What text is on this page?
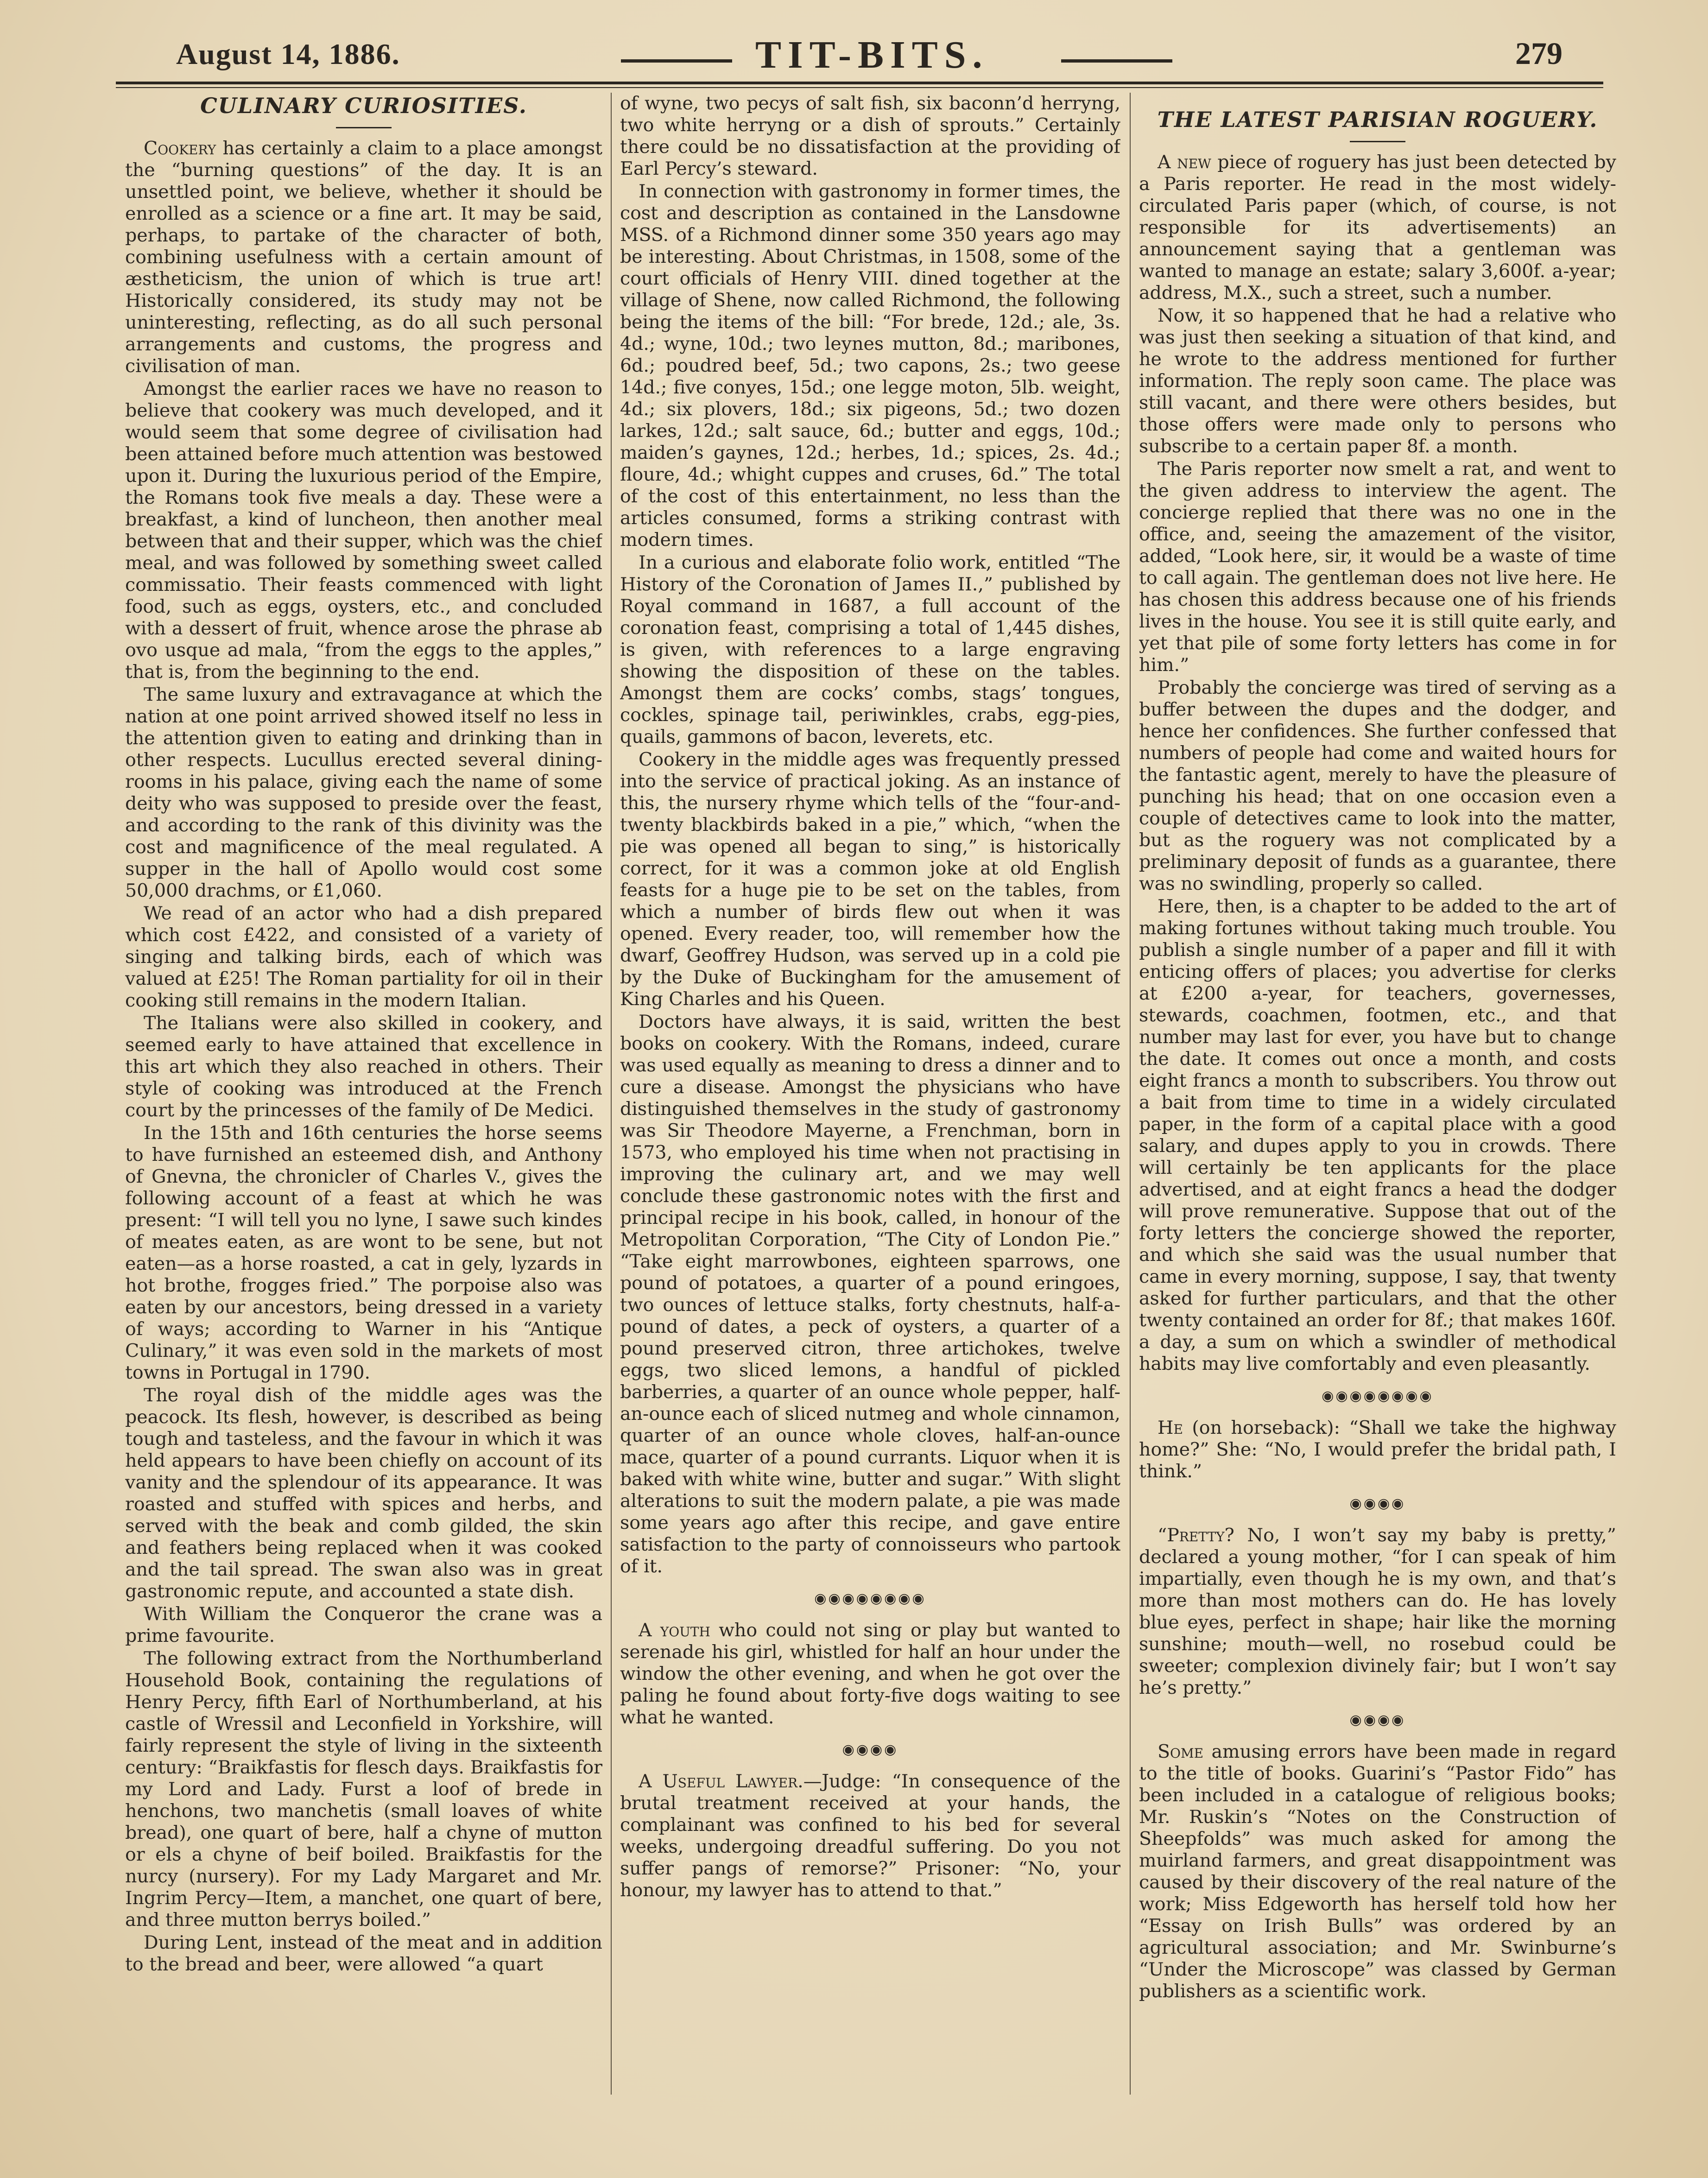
August 14, 1886.	TIT-BITS.	279
CULINARY CURIOSITIES.

Cookery has certainly a claim to a place amongst the “burning questions” of the day. It is an unsettled point, we believe, whether it should be enrolled as a science or a fine art. It may be said, perhaps, to partake of the character of both, combining usefulness with a certain amount of æstheticism, the union of which is true art! Historically considered, its study may not be uninteresting, reflecting, as do all such personal arrangements and customs, the progress and civilisation of man.

Amongst the earlier races we have no reason to believe that cookery was much developed, and it would seem that some degree of civilisation had been attained before much attention was bestowed upon it. During the luxurious period of the Empire, the Romans took five meals a day. These were a breakfast, a kind of luncheon, then another meal between that and their supper, which was the chief meal, and was followed by something sweet called commissatio. Their feasts commenced with light food, such as eggs, oysters, etc., and concluded with a dessert of fruit, whence arose the phrase ab ovo usque ad mala, “from the eggs to the apples,” that is, from the beginning to the end.

The same luxury and extravagance at which the nation at one point arrived showed itself no less in the attention given to eating and drinking than in other respects. Lucullus erected several dining-rooms in his palace, giving each the name of some deity who was supposed to preside over the feast, and according to the rank of this divinity was the cost and magnificence of the meal regulated. A supper in the hall of Apollo would cost some 50,000 drachms, or £1,060.

We read of an actor who had a dish prepared which cost £422, and consisted of a variety of singing and talking birds, each of which was valued at £25! The Roman partiality for oil in their cooking still remains in the modern Italian.

The Italians were also skilled in cookery, and seemed early to have attained that excellence in this art which they also reached in others. Their style of cooking was introduced at the French court by the princesses of the family of De Medici.

In the 15th and 16th centuries the horse seems to have furnished an esteemed dish, and Anthony of Gnevna, the chronicler of Charles V., gives the following account of a feast at which he was present: “I will tell you no lyne, I sawe such kindes of meates eaten, as are wont to be sene, but not eaten—as a horse roasted, a cat in gely, lyzards in hot brothe, frogges fried.” The porpoise also was eaten by our ancestors, being dressed in a variety of ways; according to Warner in his “Antique Culinary,” it was even sold in the markets of most towns in Portugal in 1790.

The royal dish of the middle ages was the peacock. Its flesh, however, is described as being tough and tasteless, and the favour in which it was held appears to have been chiefly on account of its vanity and the splendour of its appearance. It was roasted and stuffed with spices and herbs, and served with the beak and comb gilded, the skin and feathers being replaced when it was cooked and the tail spread. The swan also was in great gastronomic repute, and accounted a state dish.

With William the Conqueror the crane was a prime favourite.

The following extract from the Northumberland Household Book, containing the regulations of Henry Percy, fifth Earl of Northumberland, at his castle of Wressil and Leconfield in Yorkshire, will fairly represent the style of living in the sixteenth century: “Braikfastis for flesch days. Braikfastis for my Lord and Lady. Furst a loof of brede in henchons, two manchetis (small loaves of white bread), one quart of bere, half a chyne of mutton or els a chyne of beif boiled. Braikfastis for the nurcy (nursery). For my Lady Margaret and Mr. Ingrim Percy—Item, a manchet, one quart of bere, and three mutton berrys boiled.”

During Lent, instead of the meat and in addition to the bread and beer, were allowed “a quart

of wyne, two pecys of salt fish, six baconn’d herryng, two white herryng or a dish of sprouts.” Certainly there could be no dissatisfaction at the providing of Earl Percy’s steward.

In connection with gastronomy in former times, the cost and description as contained in the Lansdowne MSS. of a Richmond dinner some 350 years ago may be interesting. About Christmas, in 1508, some of the court officials of Henry VIII. dined together at the village of Shene, now called Richmond, the following being the items of the bill: “For brede, 12d.; ale, 3s. 4d.; wyne, 10d.; two leynes mutton, 8d.; maribones, 6d.; poudred beef, 5d.; two capons, 2s.; two geese 14d.; five conyes, 15d.; one legge moton, 5lb. weight, 4d.; six plovers, 18d.; six pigeons, 5d.; two dozen larkes, 12d.; salt sauce, 6d.; butter and eggs, 10d.; maiden’s gaynes, 12d.; herbes, 1d.; spices, 2s. 4d.; floure, 4d.; whight cuppes and cruses, 6d.” The total of the cost of this entertainment, no less than the articles consumed, forms a striking contrast with modern times.

In a curious and elaborate folio work, entitled “The History of the Coronation of James II.,” published by Royal command in 1687, a full account of the coronation feast, comprising a total of 1,445 dishes, is given, with references to a large engraving showing the disposition of these on the tables. Amongst them are cocks’ combs, stags’ tongues, cockles, spinage tail, periwinkles, crabs, egg-pies, quails, gammons of bacon, leverets, etc.

Cookery in the middle ages was frequently pressed into the service of practical joking. As an instance of this, the nursery rhyme which tells of the “four-and-twenty blackbirds baked in a pie,” which, “when the pie was opened all began to sing,” is historically correct, for it was a common joke at old English feasts for a huge pie to be set on the tables, from which a number of birds flew out when it was opened. Every reader, too, will remember how the dwarf, Geoffrey Hudson, was served up in a cold pie by the Duke of Buckingham for the amusement of King Charles and his Queen.

Doctors have always, it is said, written the best books on cookery. With the Romans, indeed, curare was used equally as meaning to dress a dinner and to cure a disease. Amongst the physicians who have distinguished themselves in the study of gastronomy was Sir Theodore Mayerne, a Frenchman, born in 1573, who employed his time when not practising in improving the culinary art, and we may well conclude these gastronomic notes with the first and principal recipe in his book, called, in honour of the Metropolitan Corporation, “The City of London Pie.” “Take eight marrowbones, eighteen sparrows, one pound of potatoes, a quarter of a pound eringoes, two ounces of lettuce stalks, forty chestnuts, half-a-pound of dates, a peck of oysters, a quarter of a pound preserved citron, three artichokes, twelve eggs, two sliced lemons, a handful of pickled barberries, a quarter of an ounce whole pepper, half-an-ounce each of sliced nutmeg and whole cinnamon, quarter of an ounce whole cloves, half-an-ounce mace, quarter of a pound currants. Liquor when it is baked with white wine, butter and sugar.” With slight alterations to suit the modern palate, a pie was made some years ago after this recipe, and gave entire satisfaction to the party of connoisseurs who partook of it.

◉◉◉◉◉◉◉◉

A youth who could not sing or play but wanted to serenade his girl, whistled for half an hour under the window the other evening, and when he got over the paling he found about forty-five dogs waiting to see what he wanted.

◉◉◉◉

A Useful Lawyer.—Judge: “In consequence of the brutal treatment received at your hands, the complainant was confined to his bed for several weeks, undergoing dreadful suffering. Do you not suffer pangs of remorse?” Prisoner: “No, your honour, my lawyer has to attend to that.”

THE LATEST PARISIAN ROGUERY.

A new piece of roguery has just been detected by a Paris reporter. He read in the most widely-circulated Paris paper (which, of course, is not responsible for its advertisements) an announcement saying that a gentleman was wanted to manage an estate; salary 3,600f. a-year; address, M.X., such a street, such a number.

Now, it so happened that he had a relative who was just then seeking a situation of that kind, and he wrote to the address mentioned for further information. The reply soon came. The place was still vacant, and there were others besides, but those offers were made only to persons who subscribe to a certain paper 8f. a month.

The Paris reporter now smelt a rat, and went to the given address to interview the agent. The concierge replied that there was no one in the office, and, seeing the amazement of the visitor, added, “Look here, sir, it would be a waste of time to call again. The gentleman does not live here. He has chosen this address because one of his friends lives in the house. You see it is still quite early, and yet that pile of some forty letters has come in for him.”

Probably the concierge was tired of serving as a buffer between the dupes and the dodger, and hence her confidences. She further confessed that numbers of people had come and waited hours for the fantastic agent, merely to have the pleasure of punching his head; that on one occasion even a couple of detectives came to look into the matter, but as the roguery was not complicated by a preliminary deposit of funds as a guarantee, there was no swindling, properly so called.

Here, then, is a chapter to be added to the art of making fortunes without taking much trouble. You publish a single number of a paper and fill it with enticing offers of places; you advertise for clerks at £200 a-year, for teachers, governesses, stewards, coachmen, footmen, etc., and that number may last for ever, you have but to change the date. It comes out once a month, and costs eight francs a month to subscribers. You throw out a bait from time to time in a widely circulated paper, in the form of a capital place with a good salary, and dupes apply to you in crowds. There will certainly be ten applicants for the place advertised, and at eight francs a head the dodger will prove remunerative. Suppose that out of the forty letters the concierge showed the reporter, and which she said was the usual number that came in every morning, suppose, I say, that twenty asked for further particulars, and that the other twenty contained an order for 8f.; that makes 160f. a day, a sum on which a swindler of methodical habits may live comfortably and even pleasantly.

◉◉◉◉◉◉◉◉

He (on horseback): “Shall we take the highway home?” She: “No, I would prefer the bridal path, I think.”

◉◉◉◉

“Pretty? No, I won’t say my baby is pretty,” declared a young mother, “for I can speak of him impartially, even though he is my own, and that’s more than most mothers can do. He has lovely blue eyes, perfect in shape; hair like the morning sunshine; mouth—well, no rosebud could be sweeter; complexion divinely fair; but I won’t say he’s pretty.”

◉◉◉◉

Some amusing errors have been made in regard to the title of books. Guarini’s “Pastor Fido” has been included in a catalogue of religious books; Mr. Ruskin’s “Notes on the Construction of Sheepfolds” was much asked for among the muirland farmers, and great disappointment was caused by their discovery of the real nature of the work; Miss Edgeworth has herself told how her “Essay on Irish Bulls” was ordered by an agricultural association; and Mr. Swinburne’s “Under the Microscope” was classed by German publishers as a scientific work.
